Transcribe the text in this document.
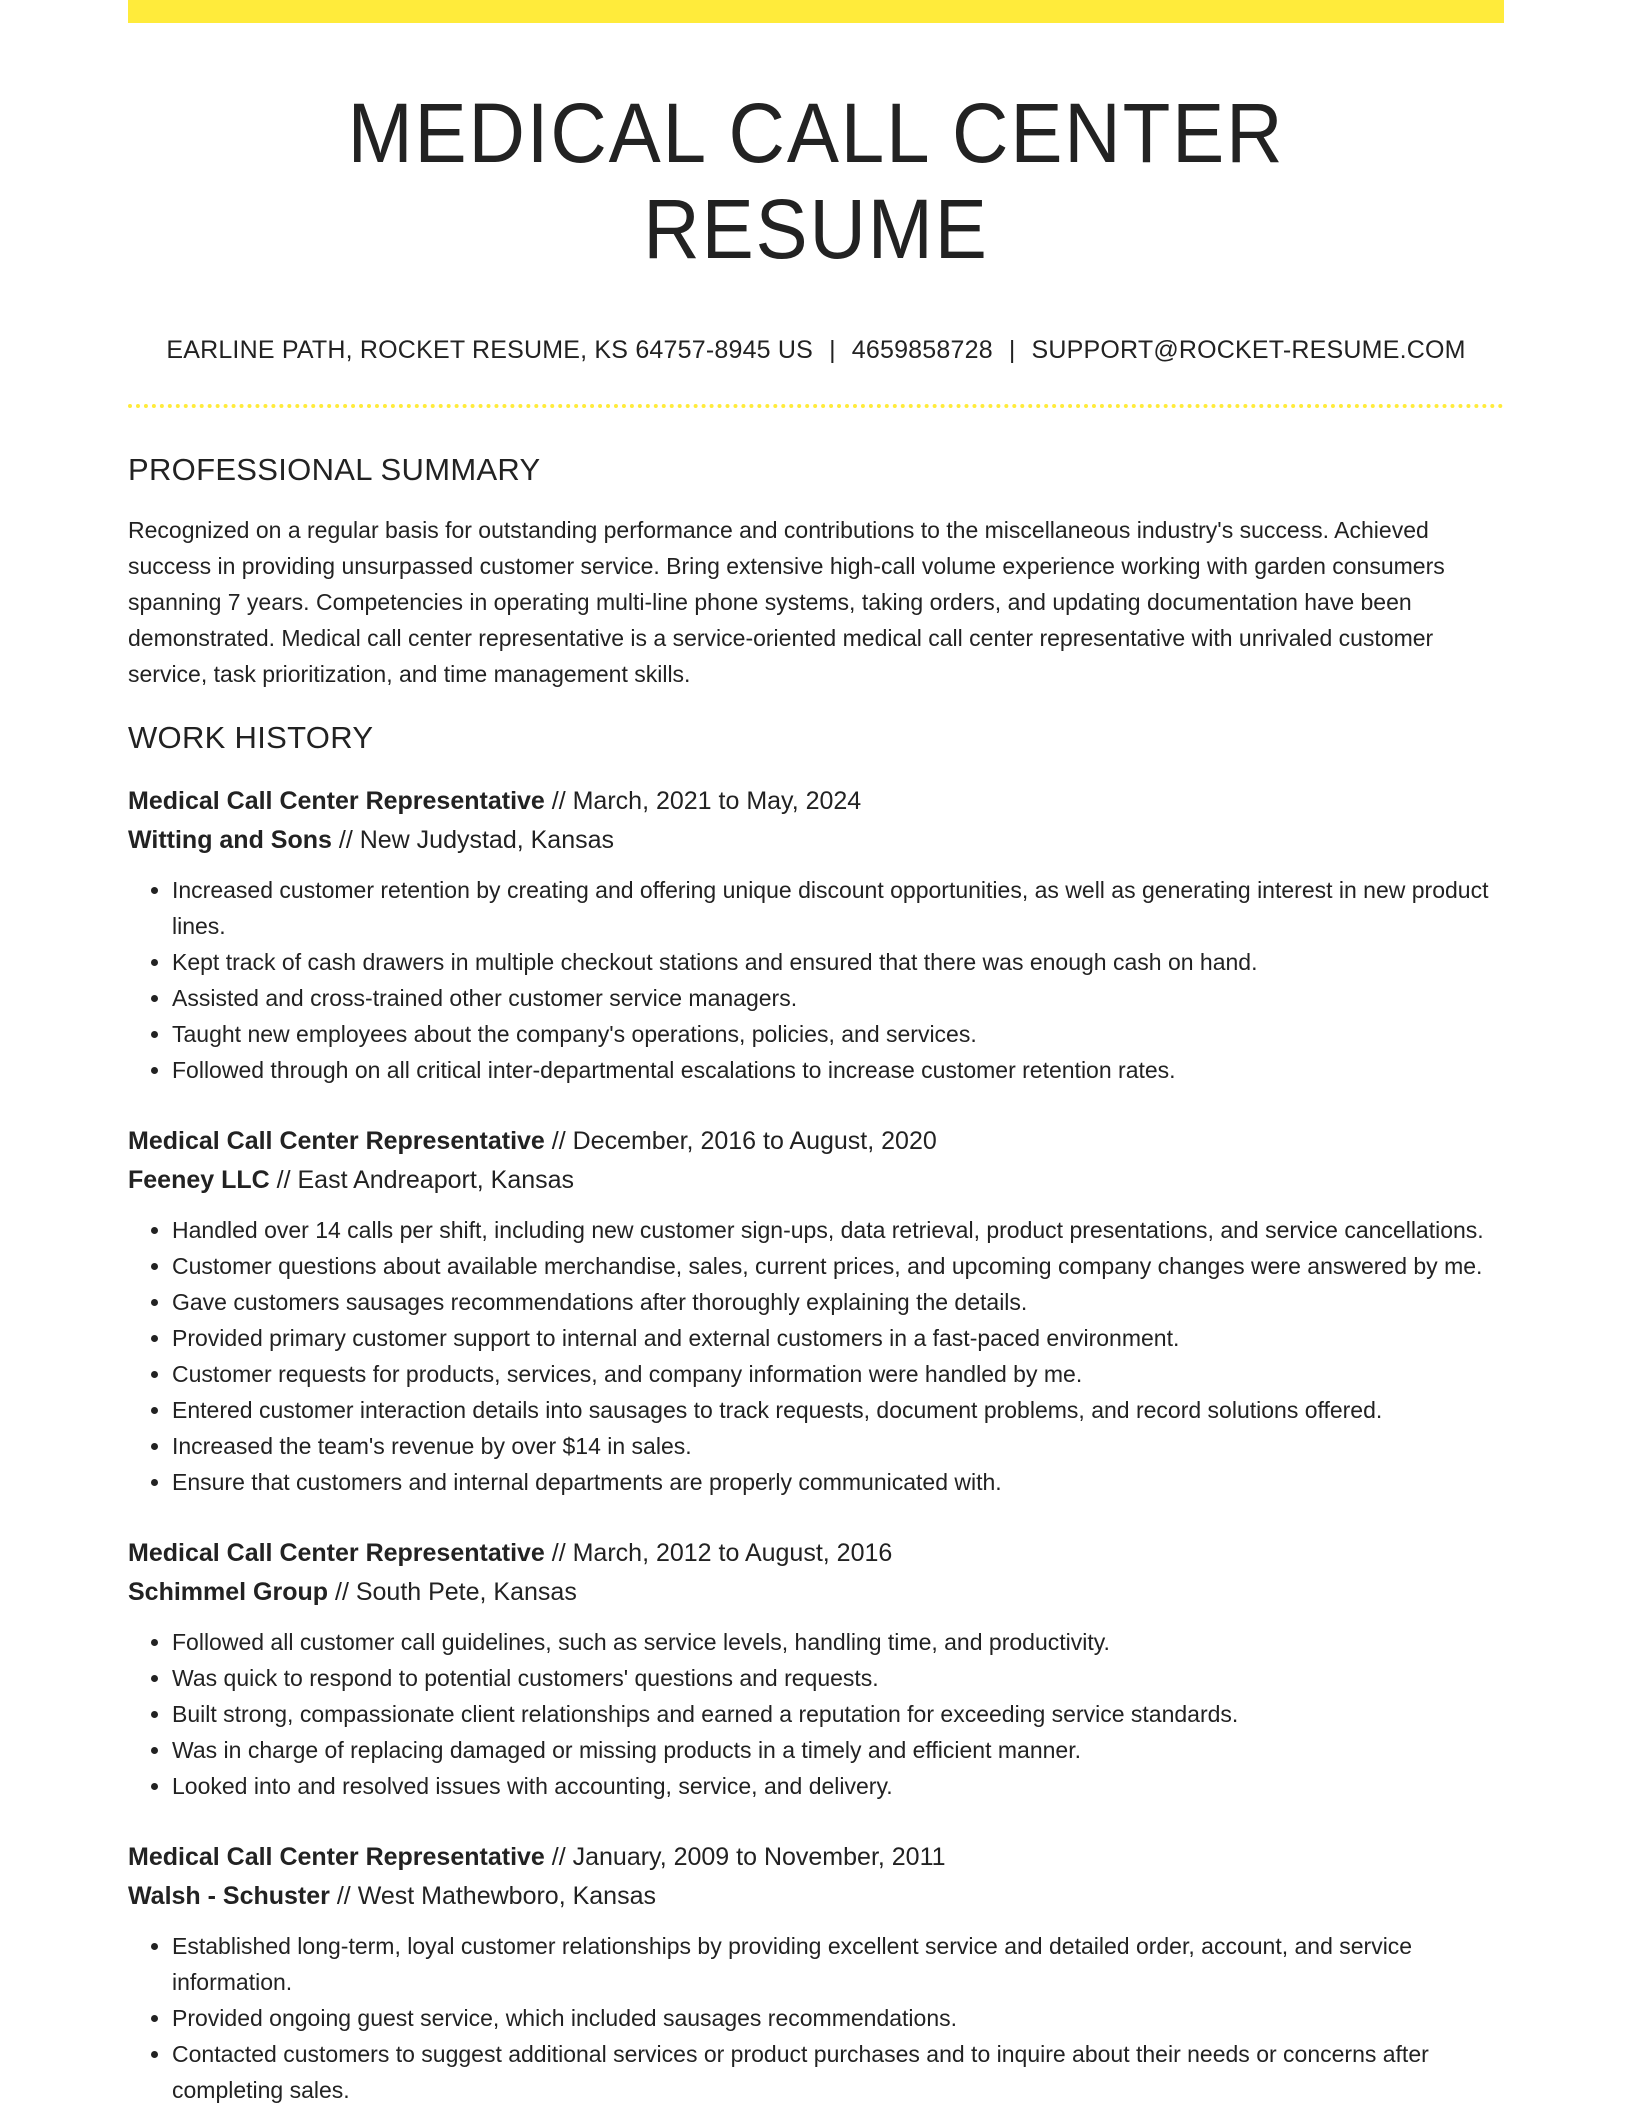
MEDICAL CALL CENTER RESUME
EARLINE PATH, ROCKET RESUME, KS 64757-8945 US | 4659858728 | SUPPORT@ROCKET-RESUME.COM
PROFESSIONAL SUMMARY
Recognized on a regular basis for outstanding performance and contributions to the miscellaneous industry's success. Achieved success in providing unsurpassed customer service. Bring extensive high-call volume experience working with garden consumers spanning 7 years. Competencies in operating multi-line phone systems, taking orders, and updating documentation have been demonstrated. Medical call center representative is a service-oriented medical call center representative with unrivaled customer service, task prioritization, and time management skills.
WORK HISTORY
Medical Call Center Representative // March, 2021 to May, 2024
Witting and Sons // New Judystad, Kansas
• Increased customer retention by creating and offering unique discount opportunities, as well as generating interest in new product lines.
• Kept track of cash drawers in multiple checkout stations and ensured that there was enough cash on hand.
• Assisted and cross-trained other customer service managers.
• Taught new employees about the company's operations, policies, and services.
• Followed through on all critical inter-departmental escalations to increase customer retention rates.
Medical Call Center Representative // December, 2016 to August, 2020
Feeney LLC // East Andreaport, Kansas
• Handled over 14 calls per shift, including new customer sign-ups, data retrieval, product presentations, and service cancellations.
• Customer questions about available merchandise, sales, current prices, and upcoming company changes were answered by me.
• Gave customers sausages recommendations after thoroughly explaining the details.
• Provided primary customer support to internal and external customers in a fast-paced environment.
• Customer requests for products, services, and company information were handled by me.
• Entered customer interaction details into sausages to track requests, document problems, and record solutions offered.
• Increased the team's revenue by over $14 in sales.
• Ensure that customers and internal departments are properly communicated with.
Medical Call Center Representative // March, 2012 to August, 2016
Schimmel Group // South Pete, Kansas
• Followed all customer call guidelines, such as service levels, handling time, and productivity.
• Was quick to respond to potential customers' questions and requests.
• Built strong, compassionate client relationships and earned a reputation for exceeding service standards.
• Was in charge of replacing damaged or missing products in a timely and efficient manner.
• Looked into and resolved issues with accounting, service, and delivery.
Medical Call Center Representative // January, 2009 to November, 2011
Walsh - Schuster // West Mathewboro, Kansas
• Established long-term, loyal customer relationships by providing excellent service and detailed order, account, and service information.
• Provided ongoing guest service, which included sausages recommendations.
• Contacted customers to suggest additional services or product purchases and to inquire about their needs or concerns after completing sales.
